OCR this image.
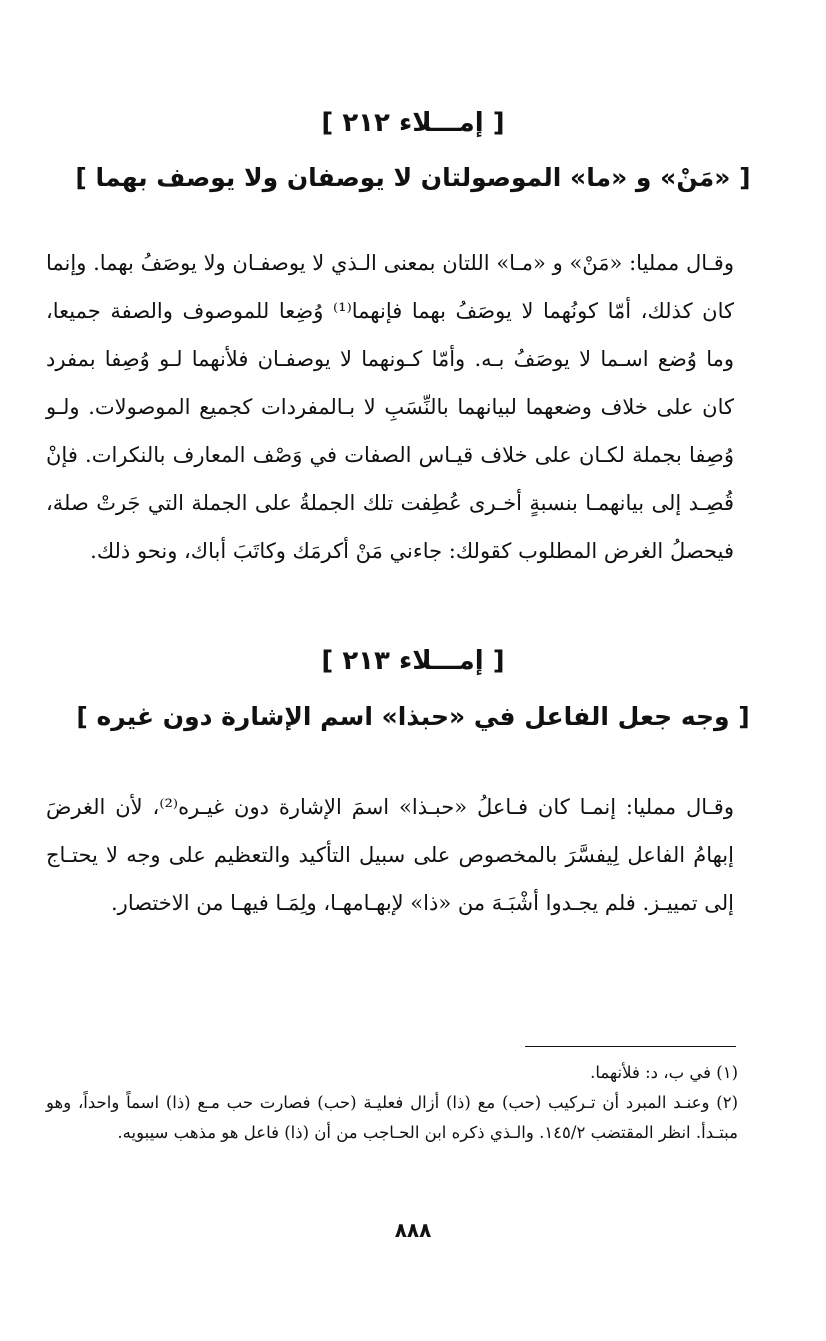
[ إمـــلاء ٢١٢ ]
[ «مَنْ» و «ما» الموصولتان لا يوصفان ولا يوصف بهما ]

وقـال ممليا: «مَنْ» و «مـا» اللتان بمعنى الـذي لا يوصفـان ولا يوصَفُ بهما. وإنما كان كذلك، أمّا كونُهما لا يوصَفُ بهما فإنهما⁽¹⁾ وُضِعا للموصوف والصفة جميعا، وما وُضع اسـما لا يوصَفُ بـه. وأمّا كـونهما لا يوصفـان فلأنهما لـو وُصِفا بمفرد كان على خلاف وضعهما لبيانهما بالنِّسَبِ لا بـالمفردات كجميع الموصولات. ولـو وُصِفا بجملة لكـان على خلاف قيـاس الصفات في وَصْف المعارف بالنكرات. فإنْ قُصِـد إلى بيانهمـا بنسبةٍ أخـرى عُطِفت تلك الجملةُ على الجملة التي جَرتْ صلة، فيحصلُ الغرض المطلوب كقولك: جاءني مَنْ أكرمَك وكاتَبَ أباك، ونحو ذلك.

[ إمـــلاء ٢١٣ ]
[ وجه جعل الفاعل في «حبذا» اسم الإشارة دون غيره ]

وقـال ممليا: إنمـا كان فـاعلُ «حبـذا» اسمَ الإشارة دون غيـره⁽²⁾، لأن الغرضَ إبهامُ الفاعل لِيفسَّرَ بالمخصوص على سبيل التأكيد والتعظيم على وجه لا يحتـاج إلى تمييـز. فلم يجـدوا أشْبَـهَ من «ذا» لإبهـامهـا، ولِمَـا فيهـا من الاختصار.

(١) في ب، د: فلأنهما.

(٢) وعنـد المبرد أن تـركيب (حب) مع (ذا) أزال فعليـة (حب) فصارت حب مـع (ذا) اسماً واحداً، وهو مبتـدأ. انظر المقتضب ١٤٥/٢. والـذي ذكره ابن الحـاجب من أن (ذا) فاعل هو مذهب سيبويه.

٨٨٨
